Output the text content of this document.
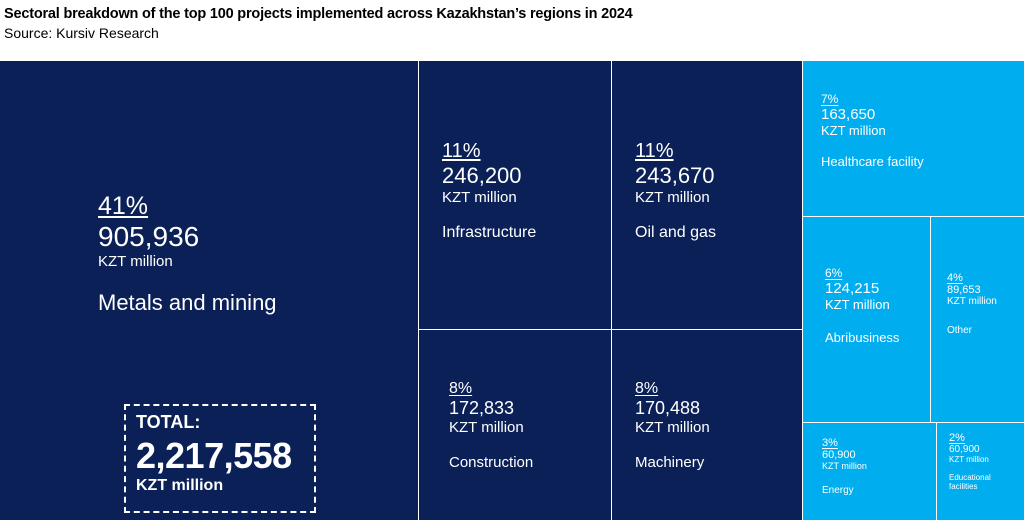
Sectoral breakdown of the top 100 projects implemented across Kazakhstan’s regions in 2024
Source: Kursiv Research
41%
905,936
KZT million
Metals and mining
11%
246,200
KZT million
Infrastructure
11%
243,670
KZT million
Oil and gas
8%
172,833
KZT million
Construction
8%
170,488
KZT million
Machinery
7%
163,650
KZT million
Healthcare facility
6%
124,215
KZT million
Abribusiness
4%
89,653
KZT million
Other
3%
60,900
KZT million
Energy
2%
60,900
KZT million
Educational facilities
TOTAL:
2,217,558
KZT million
